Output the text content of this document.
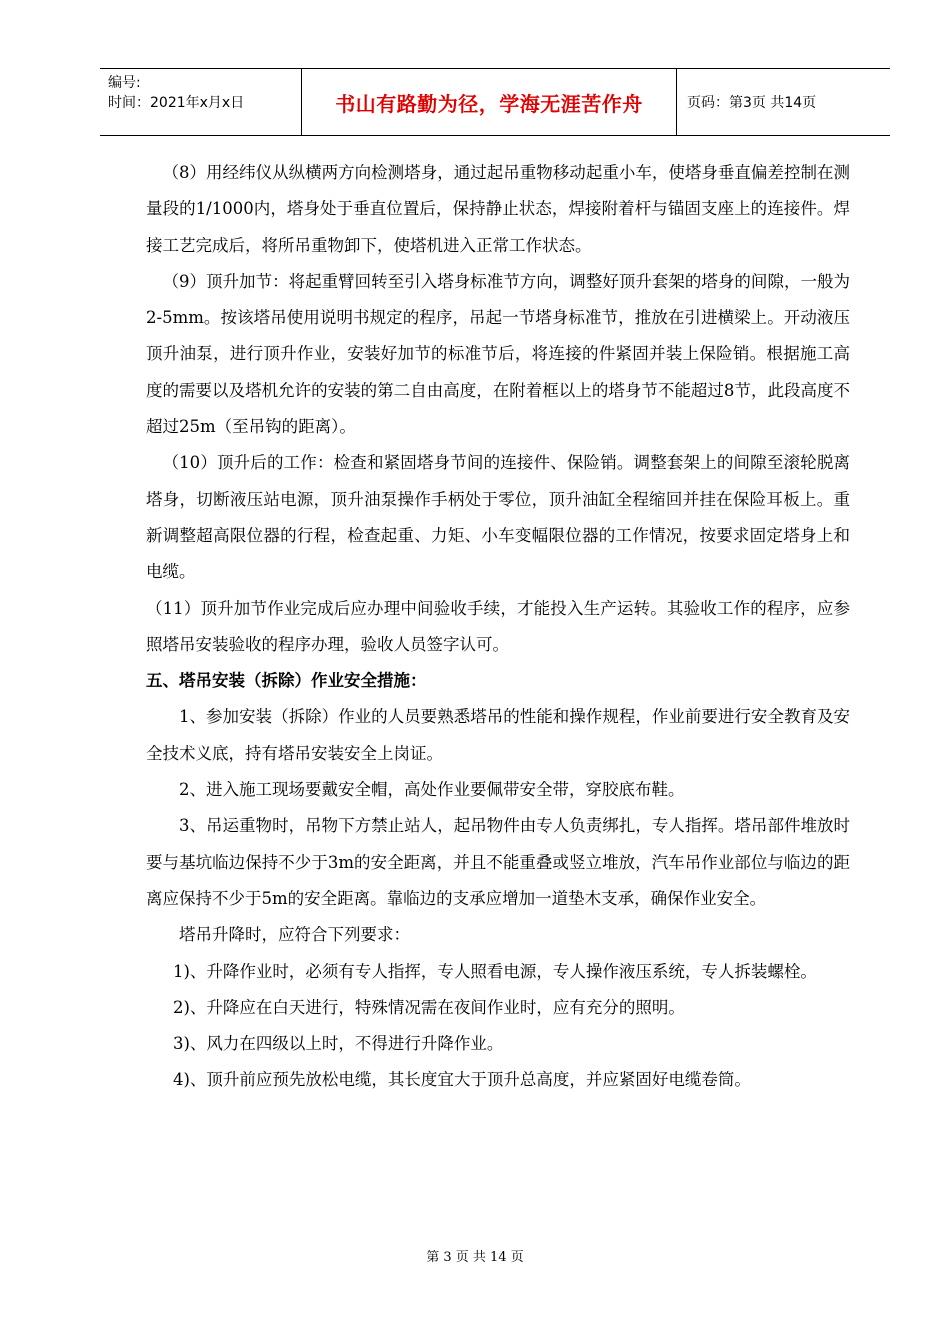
编号:
时间：2021年x月x日	书山有路勤为径，学海无涯苦作舟	页码：第3页 共14页

（8）用经纬仪从纵横两方向检测塔身，通过起吊重物移动起重小车，使塔身垂直偏差控制在测量段的1/1000内，塔身处于垂直位置后，保持静止状态，焊接附着杆与锚固支座上的连接件。焊接工艺完成后，将所吊重物卸下，使塔机进入正常工作状态。

（9）顶升加节：将起重臂回转至引入塔身标准节方向，调整好顶升套架的塔身的间隙，一般为2-5mm。按该塔吊使用说明书规定的程序，吊起一节塔身标准节，推放在引进横梁上。开动液压顶升油泵，进行顶升作业，安装好加节的标准节后，将连接的件紧固并装上保险销。根据施工高度的需要以及塔机允许的安装的第二自由高度，在附着框以上的塔身节不能超过8节，此段高度不超过25m（至吊钩的距离）。

（10）顶升后的工作：检查和紧固塔身节间的连接件、保险销。调整套架上的间隙至滚轮脱离塔身，切断液压站电源，顶升油泵操作手柄处于零位，顶升油缸全程缩回并挂在保险耳板上。重新调整超高限位器的行程，检查起重、力矩、小车变幅限位器的工作情况，按要求固定塔身上和电缆。

（11）顶升加节作业完成后应办理中间验收手续，才能投入生产运转。其验收工作的程序，应参照塔吊安装验收的程序办理，验收人员签字认可。

五、塔吊安装（拆除）作业安全措施：

1、参加安装（拆除）作业的人员要熟悉塔吊的性能和操作规程，作业前要进行安全教育及安全技术义底，持有塔吊安装安全上岗证。

2、进入施工现场要戴安全帽，高处作业要佩带安全带，穿胶底布鞋。

3、吊运重物时，吊物下方禁止站人，起吊物件由专人负责绑扎，专人指挥。塔吊部件堆放时要与基坑临边保持不少于3m的安全距离，并且不能重叠或竖立堆放，汽车吊作业部位与临边的距离应保持不少于5m的安全距离。靠临边的支承应增加一道垫木支承，确保作业安全。

塔吊升降时，应符合下列要求：

1)、升降作业时，必须有专人指挥，专人照看电源，专人操作液压系统，专人拆装螺栓。

2)、升降应在白天进行，特殊情况需在夜间作业时，应有充分的照明。

3)、风力在四级以上时，不得进行升降作业。

4)、顶升前应预先放松电缆，其长度宜大于顶升总高度，并应紧固好电缆卷筒。

第 3 页 共 14 页
